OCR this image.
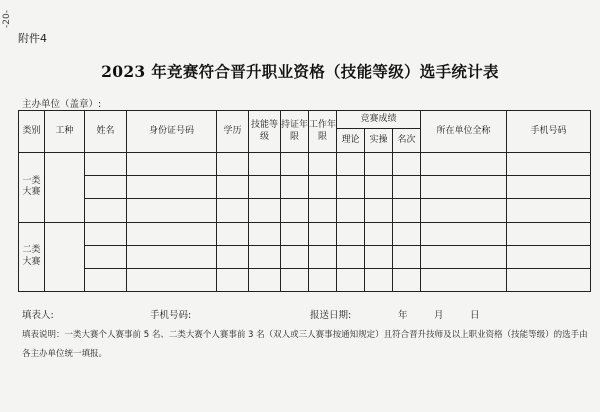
-20-
附件4
2023 年竞赛符合晋升职业资格（技能等级）选手统计表
主办单位（盖章）:
类别	工种	姓名	身份证号码	学历	技能等级	持证年限	工作年限	竞赛成绩			所在单位全称	手机号码
								理论	实操	名次		
一类大赛												

二类大赛												

填表人:	手机号码:	报送日期:	年	月	日
填表说明：一类大赛个人赛事前 5 名、二类大赛个人赛事前 3 名（双人或三人赛事按通知规定）且符合晋升技师及以上职业资格（技能等级）的选手由各主办单位统一填报。
